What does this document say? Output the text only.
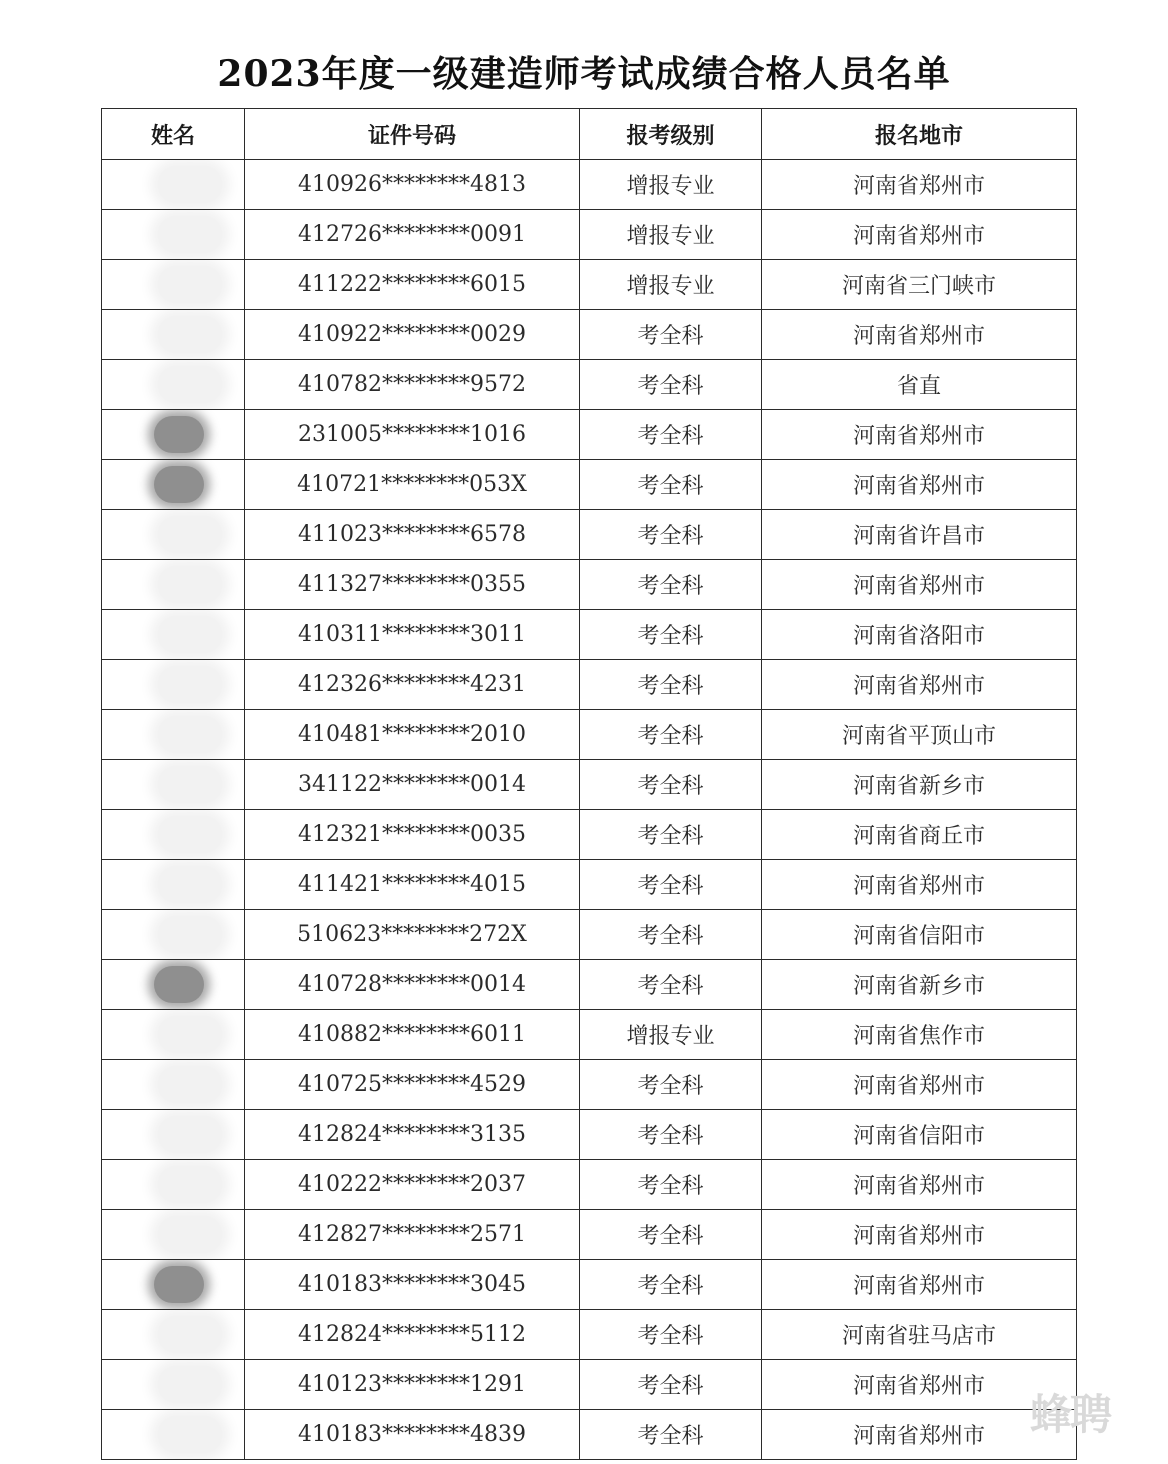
2023年度一级建造师考试成绩合格人员名单
姓名	证件号码	报考级别	报名地市

	410926********4813	增报专业	河南省郑州市

	412726********0091	增报专业	河南省郑州市

	411222********6015	增报专业	河南省三门峡市

	410922********0029	考全科	河南省郑州市

	410782********9572	考全科	省直

	231005********1016	考全科	河南省郑州市

	410721********053X	考全科	河南省郑州市

	411023********6578	考全科	河南省许昌市

	411327********0355	考全科	河南省郑州市

	410311********3011	考全科	河南省洛阳市

	412326********4231	考全科	河南省郑州市

	410481********2010	考全科	河南省平顶山市

	341122********0014	考全科	河南省新乡市

	412321********0035	考全科	河南省商丘市

	411421********4015	考全科	河南省郑州市

	510623********272X	考全科	河南省信阳市

	410728********0014	考全科	河南省新乡市

	410882********6011	增报专业	河南省焦作市

	410725********4529	考全科	河南省郑州市

	412824********3135	考全科	河南省信阳市

	410222********2037	考全科	河南省郑州市

	412827********2571	考全科	河南省郑州市

	410183********3045	考全科	河南省郑州市

	412824********5112	考全科	河南省驻马店市

	410123********1291	考全科	河南省郑州市

	410183********4839	考全科	河南省郑州市 蜂聘
